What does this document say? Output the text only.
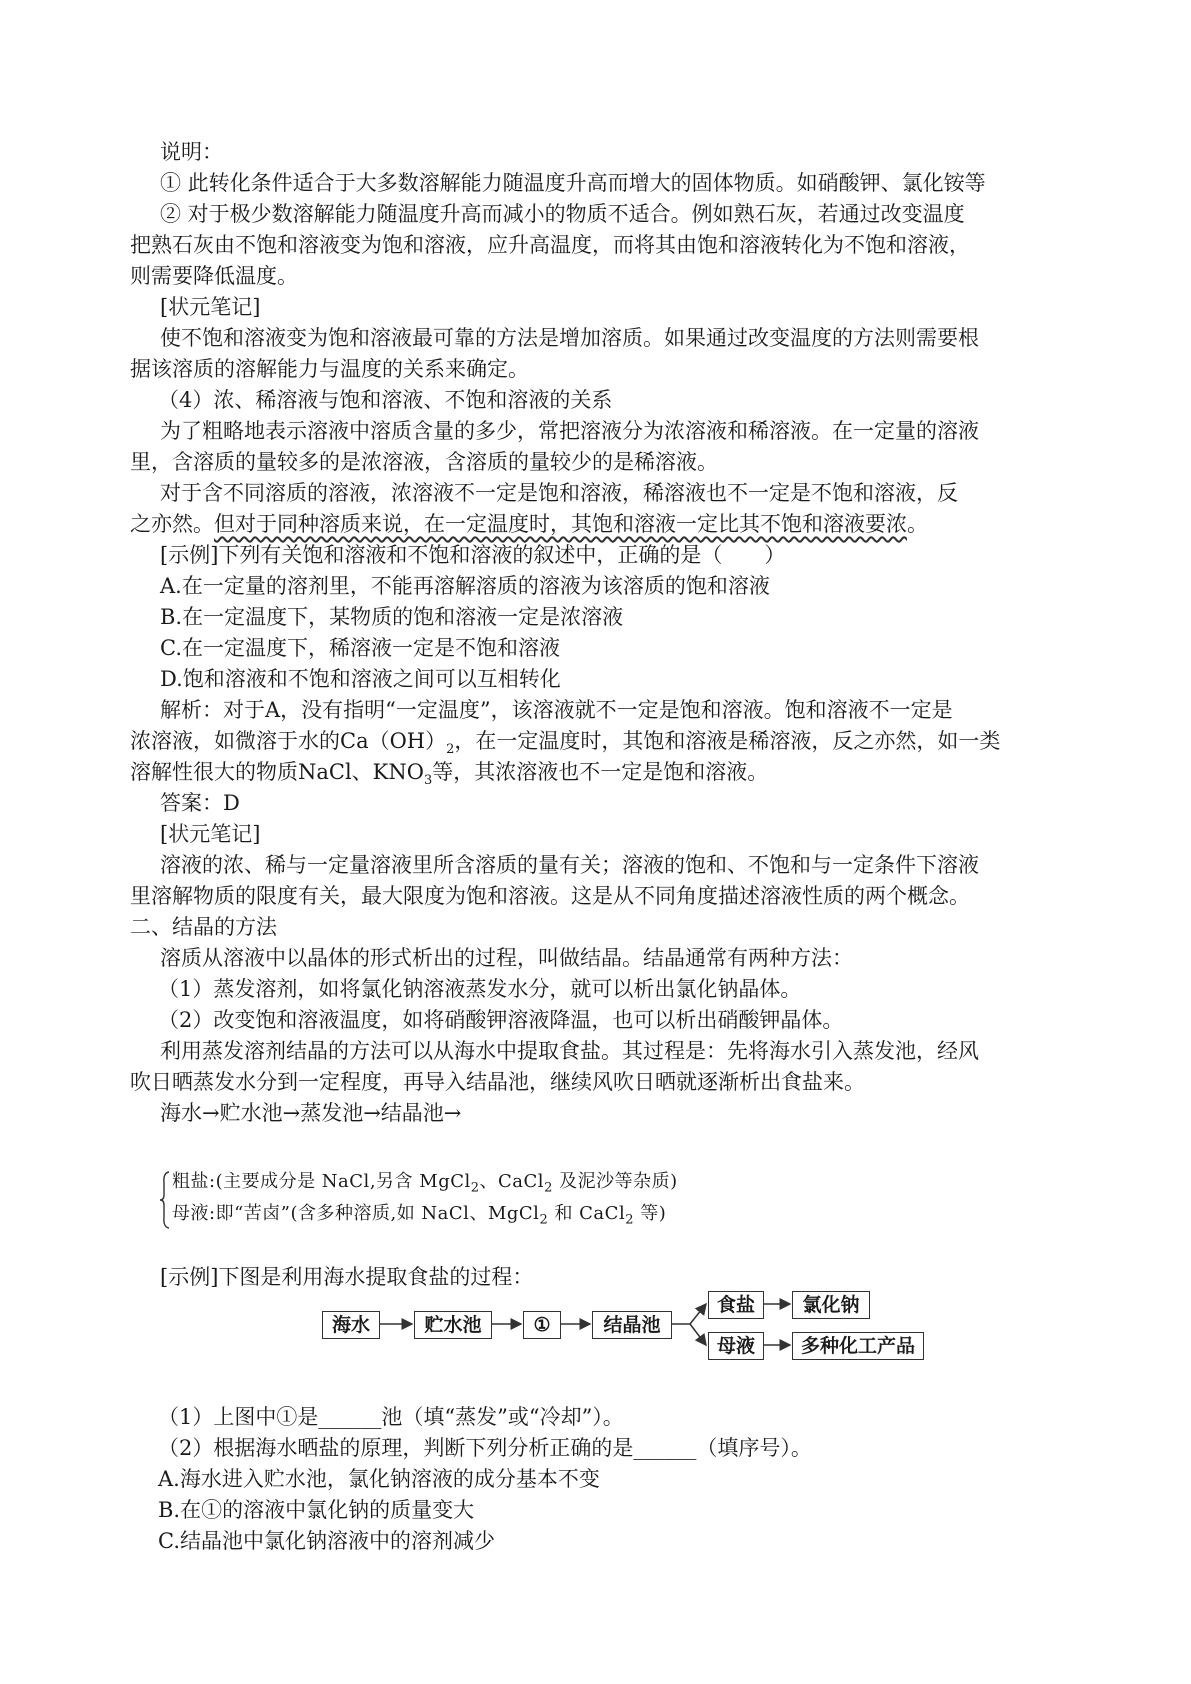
说明：
① 此转化条件适合于大多数溶解能力随温度升高而增大的固体物质。如硝酸钾、氯化铵等
② 对于极少数溶解能力随温度升高而减小的物质不适合。例如熟石灰，若通过改变温度
把熟石灰由不饱和溶液变为饱和溶液，应升高温度，而将其由饱和溶液转化为不饱和溶液，
则需要降低温度。
[状元笔记]
使不饱和溶液变为饱和溶液最可靠的方法是增加溶质。如果通过改变温度的方法则需要根
据该溶质的溶解能力与温度的关系来确定。
（4）浓、稀溶液与饱和溶液、不饱和溶液的关系
为了粗略地表示溶液中溶质含量的多少，常把溶液分为浓溶液和稀溶液。在一定量的溶液
里，含溶质的量较多的是浓溶液，含溶质的量较少的是稀溶液。
对于含不同溶质的溶液，浓溶液不一定是饱和溶液，稀溶液也不一定是不饱和溶液，反
之亦然。但对于同种溶质来说，在一定温度时，其饱和溶液一定比其不饱和溶液要浓。
[示例]下列有关饱和溶液和不饱和溶液的叙述中，正确的是（　　）
A.在一定量的溶剂里，不能再溶解溶质的溶液为该溶质的饱和溶液
B.在一定温度下，某物质的饱和溶液一定是浓溶液
C.在一定温度下，稀溶液一定是不饱和溶液
D.饱和溶液和不饱和溶液之间可以互相转化
解析：对于A，没有指明“一定温度”，该溶液就不一定是饱和溶液。饱和溶液不一定是
浓溶液，如微溶于水的$Ca(OH)_2$，在一定温度时，其饱和溶液是稀溶液，反之亦然，如一类
溶解性很大的物质NaCl、$KNO_3$等，其浓溶液也不一定是饱和溶液。
答案：D
[状元笔记]
溶液的浓、稀与一定量溶液里所含溶质的量有关；溶液的饱和、不饱和与一定条件下溶液
里溶解物质的限度有关，最大限度为饱和溶液。这是从不同角度描述溶液性质的两个概念。
二、结晶的方法
溶质从溶液中以晶体的形式析出的过程，叫做结晶。结晶通常有两种方法：
（1）蒸发溶剂，如将氯化钠溶液蒸发水分，就可以析出氯化钠晶体。
（2）改变饱和溶液温度，如将硝酸钾溶液降温，也可以析出硝酸钾晶体。
利用蒸发溶剂结晶的方法可以从海水中提取食盐。其过程是：先将海水引入蒸发池，经风
吹日晒蒸发水分到一定程度，再导入结晶池，继续风吹日晒就逐渐析出食盐来。
海水→贮水池→蒸发池→结晶池→
粗盐:(主要成分是 NaCl,另含 MgCl$_2$、CaCl$_2$ 及泥沙等杂质)
母液:即“苦卤”(含多种溶质,如 NaCl、MgCl$_2$ 和 CaCl$_2$ 等)
[示例]下图是利用海水提取食盐的过程：
海水	贮水池	①	结晶池
食盐	氯化钠
母液	多种化工产品
（1）上图中①是______池（填“蒸发”或“冷却”）。
（2）根据海水晒盐的原理，判断下列分析正确的是______（填序号）。
A.海水进入贮水池，氯化钠溶液的成分基本不变
B.在①的溶液中氯化钠的质量变大
C.结晶池中氯化钠溶液中的溶剂减少
